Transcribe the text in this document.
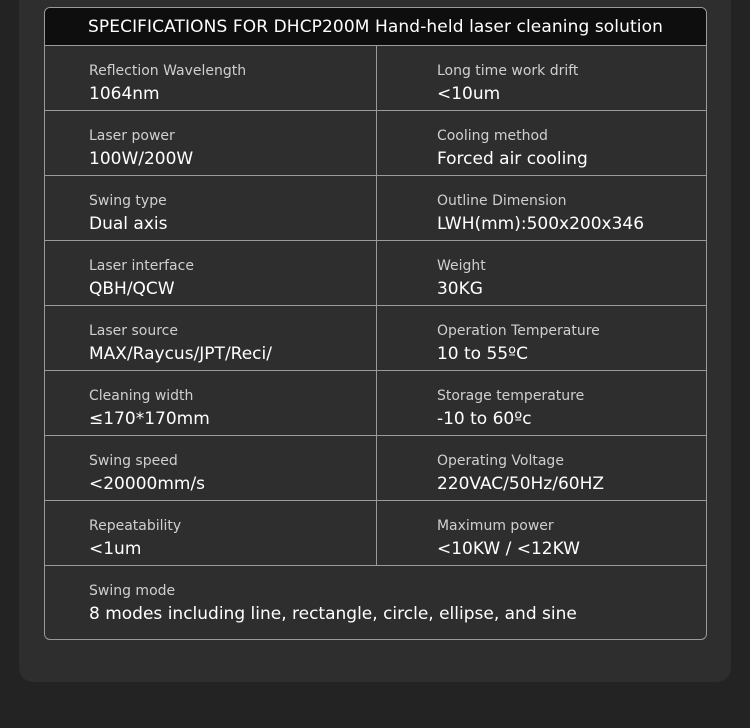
SPECIFICATIONS FOR DHCP200M Hand-held laser cleaning solution
Reflection Wavelength
1064nm
Long time work drift
<10um
Laser power
100W/200W
Cooling method
Forced air cooling
Swing type
Dual axis
Outline Dimension
LWH(mm):500x200x346
Laser interface
QBH/QCW
Weight
30KG
Laser source
MAX/Raycus/JPT/Reci/
Operation Temperature
10 to 55ºC
Cleaning width
≤170*170mm
Storage temperature
-10 to 60ºc
Swing speed
<20000mm/s
Operating Voltage
220VAC/50Hz/60HZ
Repeatability
<1um
Maximum power
<10KW / <12KW
Swing mode
8 modes including line, rectangle, circle, ellipse, and sine
